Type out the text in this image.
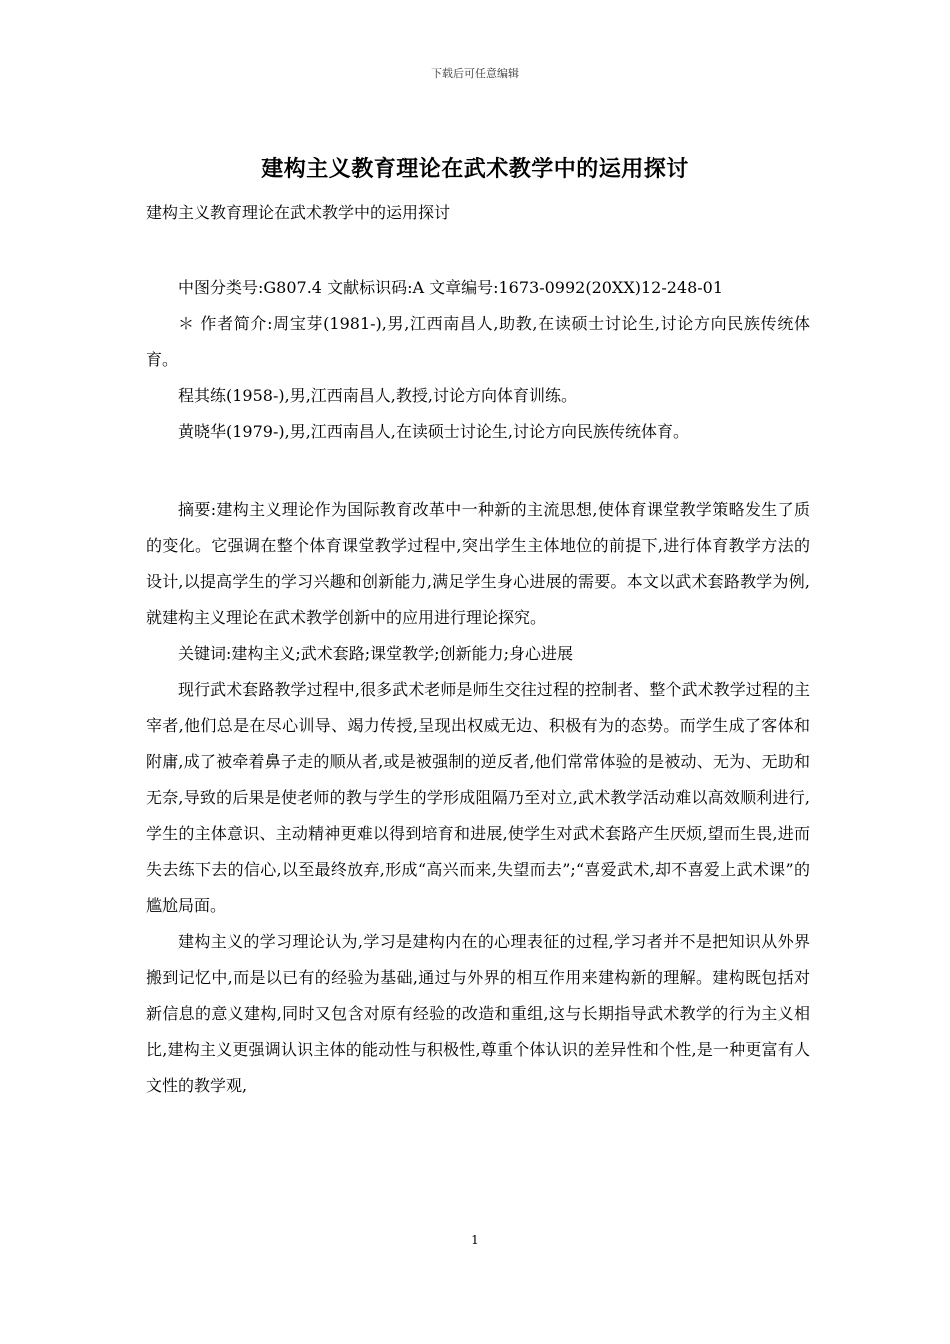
下载后可任意编辑
建构主义教育理论在武术教学中的运用探讨
建构主义教育理论在武术教学中的运用探讨

中图分类号:G807.4 文献标识码:A 文章编号:1673-0992(20XX)12-248-01

＊ 作者简介:周宝芽(1981-),男,江西南昌人,助教,在读硕士讨论生,讨论方向民族传统体育。

程其练(1958-),男,江西南昌人,教授,讨论方向体育训练。

黄晓华(1979-),男,江西南昌人,在读硕士讨论生,讨论方向民族传统体育。

摘要:建构主义理论作为国际教育改革中一种新的主流思想,使体育课堂教学策略发生了质的变化。它强调在整个体育课堂教学过程中,突出学生主体地位的前提下,进行体育教学方法的设计,以提高学生的学习兴趣和创新能力,满足学生身心进展的需要。本文以武术套路教学为例,就建构主义理论在武术教学创新中的应用进行理论探究。

关键词:建构主义;武术套路;课堂教学;创新能力;身心进展

现行武术套路教学过程中,很多武术老师是师生交往过程的控制者、整个武术教学过程的主宰者,他们总是在尽心训导、竭力传授,呈现出权威无边、积极有为的态势。而学生成了客体和附庸,成了被牵着鼻子走的顺从者,或是被强制的逆反者,他们常常体验的是被动、无为、无助和无奈,导致的后果是使老师的教与学生的学形成阻隔乃至对立,武术教学活动难以高效顺利进行,学生的主体意识、主动精神更难以得到培育和进展,使学生对武术套路产生厌烦,望而生畏,进而失去练下去的信心,以至最终放弃,形成“高兴而来,失望而去”;“喜爱武术,却不喜爱上武术课”的尴尬局面。

建构主义的学习理论认为,学习是建构内在的心理表征的过程,学习者并不是把知识从外界搬到记忆中,而是以已有的经验为基础,通过与外界的相互作用来建构新的理解。建构既包括对新信息的意义建构,同时又包含对原有经验的改造和重组,这与长期指导武术教学的行为主义相比,建构主义更强调认识主体的能动性与积极性,尊重个体认识的差异性和个性,是一种更富有人文性的教学观,

1
